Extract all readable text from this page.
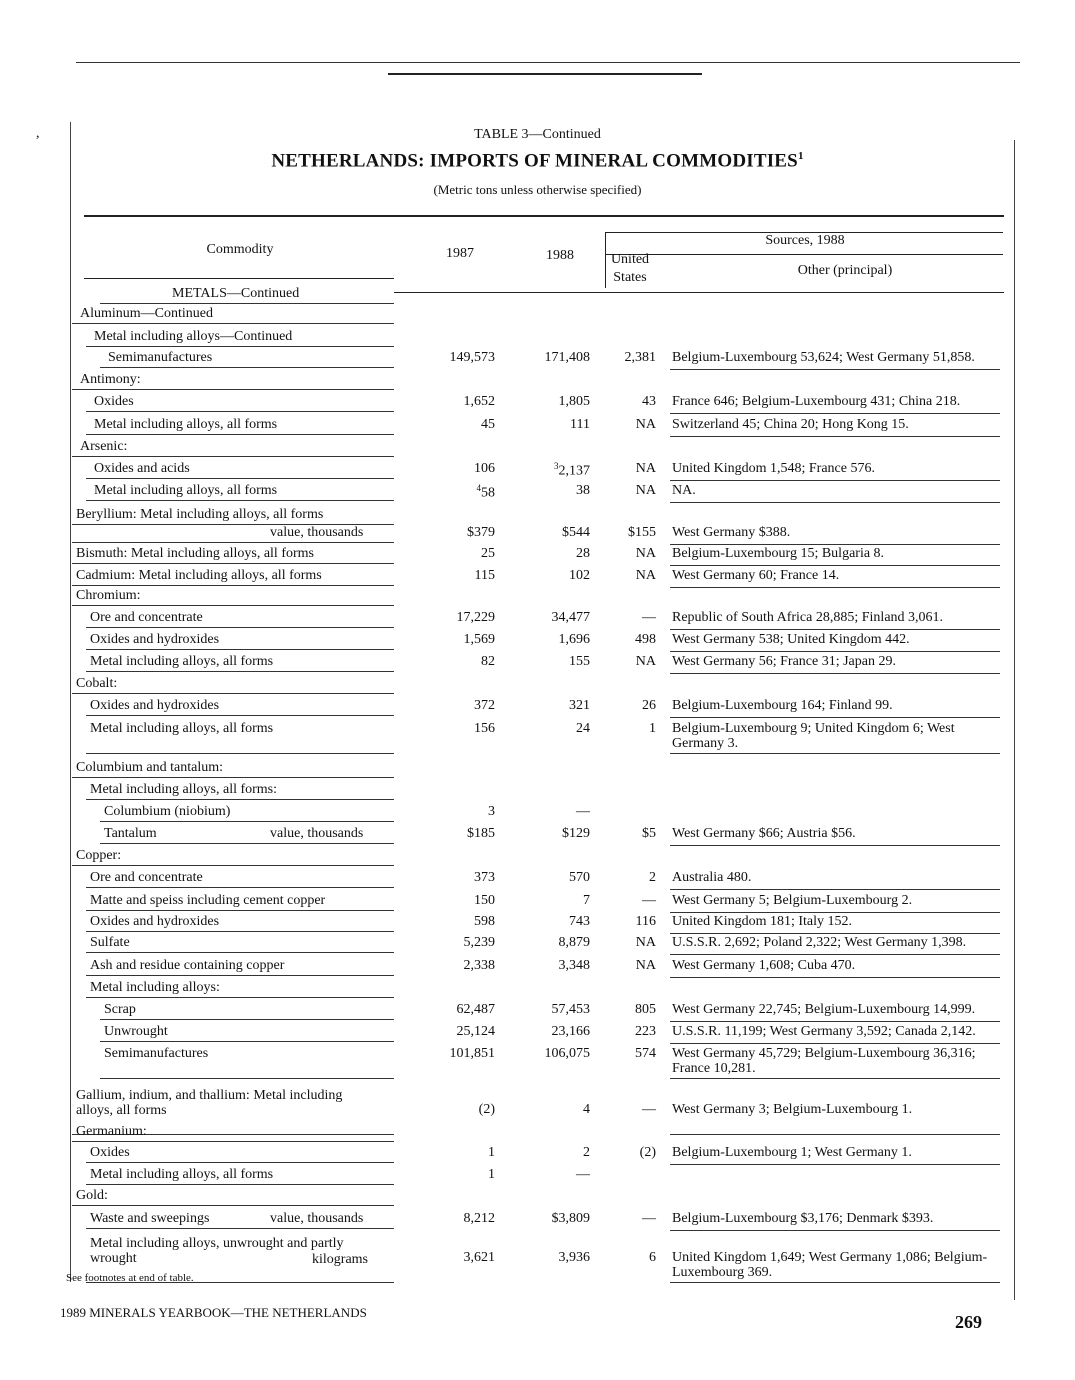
,	TABLE 3—Continued
NETHERLANDS: IMPORTS OF MINERAL COMMODITIES$^1$
(Metric tons unless otherwise specified)
Commodity	1987	1988
Sources, 1988
United
States	Other (principal)
METALS—Continued
Aluminum—Continued
Metal including alloys—Continued
Semimanufactures	149,573	171,408	2,381 Belgium-Luxembourg 53,624; West Germany 51,858.
Antimony:
Oxides	1,652	1,805	43 France 646; Belgium-Luxembourg 431; China 218.
Metal including alloys, all forms	45	111	NA Switzerland 45; China 20; Hong Kong 15.
Arsenic:
Oxides and acids	106	$^3$2,137	NA United Kingdom 1,548; France 576.
Metal including alloys, all forms	$^4$58	38	NA NA.
Beryllium: Metal including alloys, all forms
value, thousands	$379	$544	$155 West Germany $388.
Bismuth: Metal including alloys, all forms	25	28	NA Belgium-Luxembourg 15; Bulgaria 8.
Cadmium: Metal including alloys, all forms	115	102	NA West Germany 60; France 14.
Chromium:
Ore and concentrate	17,229	34,477	— Republic of South Africa 28,885; Finland 3,061.
Oxides and hydroxides	1,569	1,696	498 West Germany 538; United Kingdom 442.
Metal including alloys, all forms	82	155	NA West Germany 56; France 31; Japan 29.
Cobalt:
Oxides and hydroxides	372	321	26 Belgium-Luxembourg 164; Finland 99.
Metal including alloys, all forms	156	24	1 Belgium-Luxembourg 9; United Kingdom 6; West Germany 3.
Columbium and tantalum:
Metal including alloys, all forms:
Columbium (niobium)	3	—
Tantalum	value, thousands	$185	$129	$5 West Germany $66; Austria $56.
Copper:
Ore and concentrate	373	570	2 Australia 480.
Matte and speiss including cement copper	150	7	— West Germany 5; Belgium-Luxembourg 2.
Oxides and hydroxides	598	743	116 United Kingdom 181; Italy 152.
Sulfate	5,239	8,879	NA U.S.S.R. 2,692; Poland 2,322; West Germany 1,398.
Ash and residue containing copper	2,338	3,348	NA West Germany 1,608; Cuba 470.
Metal including alloys:
Scrap	62,487	57,453	805 West Germany 22,745; Belgium-Luxembourg 14,999.
Unwrought	25,124	23,166	223 U.S.S.R. 11,199; West Germany 3,592; Canada 2,142.
Semimanufactures	101,851	106,075	574 West Germany 45,729; Belgium-Luxembourg 36,316; France 10,281.
Gallium, indium, and thallium: Metal including alloys, all forms	(2)	4	— West Germany 3; Belgium-Luxembourg 1.
Germanium:
Oxides	1	2	(2) Belgium-Luxembourg 1; West Germany 1.
Metal including alloys, all forms	1	—
Gold:
Waste and sweepings	value, thousands	8,212	$3,809	— Belgium-Luxembourg $3,176; Denmark $393.
Metal including alloys, unwrought and partly wrought	kilograms	3,621	3,936	6 United Kingdom 1,649; West Germany 1,086; Belgium-Luxembourg 369.
See footnotes at end of table.
1989 MINERALS YEARBOOK—THE NETHERLANDS	269
